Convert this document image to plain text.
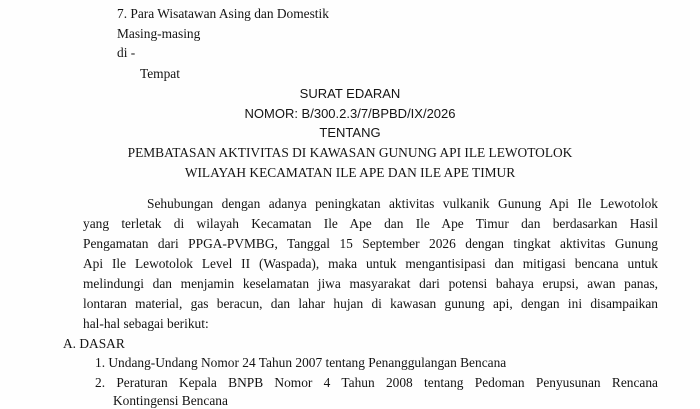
7. Para Wisatawan Asing dan Domestik
Masing-masing
di -
Tempat
SURAT EDARAN
NOMOR: B/300.2.3/7/BPBD/IX/2026
TENTANG
PEMBATASAN AKTIVITAS DI KAWASAN GUNUNG API ILE LEWOTOLOK
WILAYAH KECAMATAN ILE APE DAN ILE APE TIMUR
Sehubungan dengan adanya peningkatan aktivitas vulkanik Gunung Api Ile Lewotolok
yang terletak di wilayah Kecamatan Ile Ape dan Ile Ape Timur dan berdasarkan Hasil
Pengamatan dari PPGA-PVMBG, Tanggal 15 September 2026 dengan tingkat aktivitas Gunung
Api Ile Lewotolok Level II (Waspada), maka untuk mengantisipasi dan mitigasi bencana untuk
melindungi dan menjamin keselamatan jiwa masyarakat dari potensi bahaya erupsi, awan panas,
lontaran material, gas beracun, dan lahar hujan di kawasan gunung api, dengan ini disampaikan
hal-hal sebagai berikut:
A. DASAR
1. Undang-Undang Nomor 24 Tahun 2007 tentang Penanggulangan Bencana
2. Peraturan Kepala BNPB Nomor 4 Tahun 2008 tentang Pedoman Penyusunan Rencana
Kontingensi Bencana
